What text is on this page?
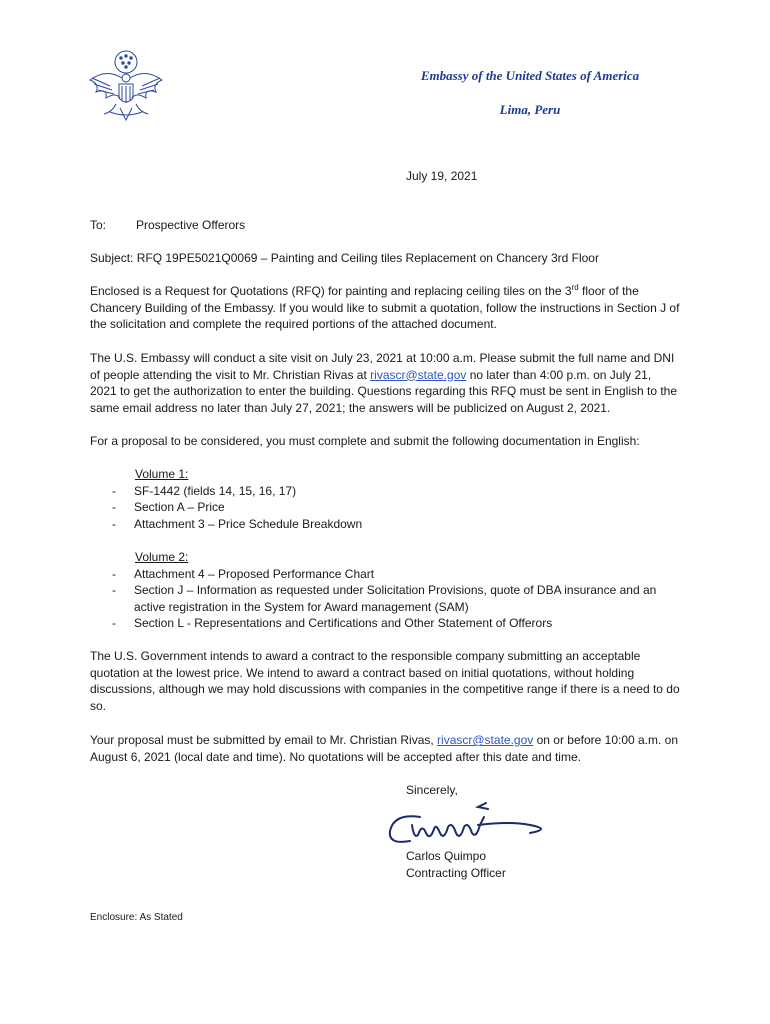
Embassy of the United States of America
Lima, Peru
July 19, 2021
To: Prospective Offerors
Subject: RFQ 19PE5021Q0069 – Painting and Ceiling tiles Replacement on Chancery 3rd Floor
Enclosed is a Request for Quotations (RFQ) for painting and replacing ceiling tiles on the 3rd floor of the Chancery Building of the Embassy. If you would like to submit a quotation, follow the instructions in Section J of the solicitation and complete the required portions of the attached document.
The U.S. Embassy will conduct a site visit on July 23, 2021 at 10:00 a.m. Please submit the full name and DNI of people attending the visit to Mr. Christian Rivas at rivascr@state.gov no later than 4:00 p.m. on July 21, 2021 to get the authorization to enter the building. Questions regarding this RFQ must be sent in English to the same email address no later than July 27, 2021; the answers will be publicized on August 2, 2021.
For a proposal to be considered, you must complete and submit the following documentation in English:
Volume 1:
-	SF-1442 (fields 14, 15, 16, 17)
-	Section A – Price
-	Attachment 3 – Price Schedule Breakdown
Volume 2:
-	Attachment 4 – Proposed Performance Chart
-	Section J – Information as requested under Solicitation Provisions, quote of DBA insurance and an active registration in the System for Award management (SAM)
-	Section L - Representations and Certifications and Other Statement of Offerors
The U.S. Government intends to award a contract to the responsible company submitting an acceptable quotation at the lowest price. We intend to award a contract based on initial quotations, without holding discussions, although we may hold discussions with companies in the competitive range if there is a need to do so.
Your proposal must be submitted by email to Mr. Christian Rivas, rivascr@state.gov on or before 10:00 a.m. on August 6, 2021 (local date and time). No quotations will be accepted after this date and time.
Sincerely,
Carlos Quimpo
Contracting Officer
Enclosure: As Stated
